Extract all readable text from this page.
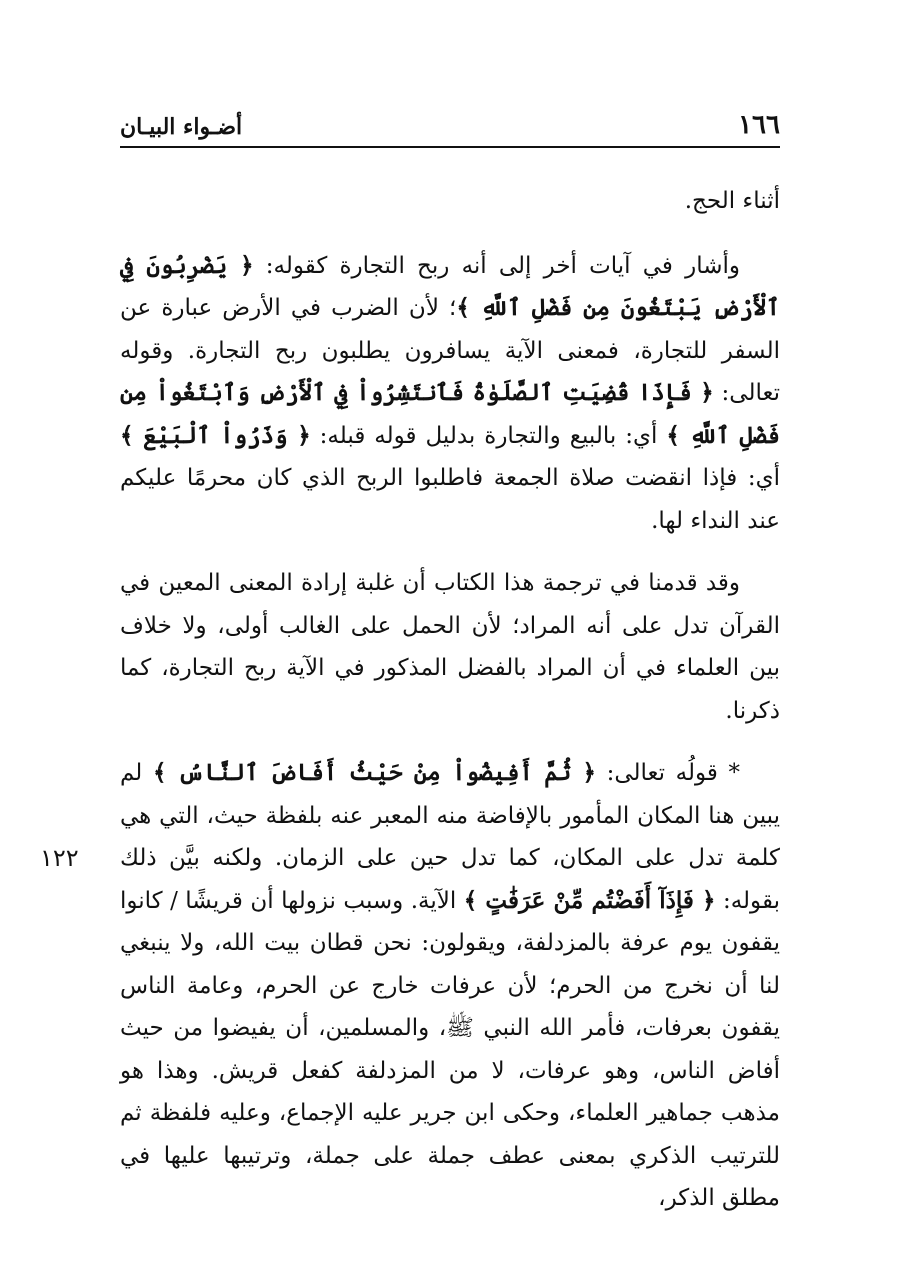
١٦٦
أضـواء البيـان

أثناء الحج.

وأشار في آيات أخر إلى أنه ربح التجارة كقوله: ﴿ يَضْرِبُونَ فِي ٱلْأَرْضِ يَبْتَغُونَ مِن فَضْلِ ٱللَّهِ ﴾؛ لأن الضرب في الأرض عبارة عن السفر للتجارة، فمعنى الآية يسافرون يطلبون ربح التجارة. وقوله تعالى: ﴿ فَإِذَا قُضِيَتِ ٱلصَّلَوٰةُ فَٱنتَشِرُواْ فِي ٱلْأَرْضِ وَٱبْتَغُواْ مِن فَضْلِ ٱللَّهِ ﴾ أي: بالبيع والتجارة بدليل قوله قبله: ﴿ وَذَرُواْ ٱلْبَيْعَ ﴾ أي: فإذا انقضت صلاة الجمعة فاطلبوا الربح الذي كان محرمًا عليكم عند النداء لها.

وقد قدمنا في ترجمة هذا الكتاب أن غلبة إرادة المعنى المعين في القرآن تدل على أنه المراد؛ لأن الحمل على الغالب أولى، ولا خلاف بين العلماء في أن المراد بالفضل المذكور في الآية ربح التجارة، كما ذكرنا.

* قولُه تعالى: ﴿ ثُمَّ أَفِيضُواْ مِنْ حَيْثُ أَفَاضَ ٱلنَّاسُ ﴾ لم يبين هنا المكان المأمور بالإفاضة منه المعبر عنه بلفظة حيث، التي هي كلمة تدل على المكان، كما تدل حين على الزمان. ولكنه بيَّن ذلك بقوله: ﴿ فَإِذَآ أَفَضْتُم مِّنْ عَرَفَٰتٍ ﴾ الآية. وسبب نزولها أن قريشًا / كانوا يقفون يوم عرفة بالمزدلفة، ويقولون: نحن قطان بيت الله، ولا ينبغي لنا أن نخرج من الحرم؛ لأن عرفات خارج عن الحرم، وعامة الناس يقفون بعرفات، فأمر الله النبي ﷺ، والمسلمين، أن يفيضوا من حيث أفاض الناس، وهو عرفات، لا من المزدلفة كفعل قريش. وهذا هو مذهب جماهير العلماء، وحكى ابن جرير عليه الإجماع، وعليه فلفظة ثم للترتيب الذكري بمعنى عطف جملة على جملة، وترتيبها عليها في مطلق الذكر،

١٢٢
